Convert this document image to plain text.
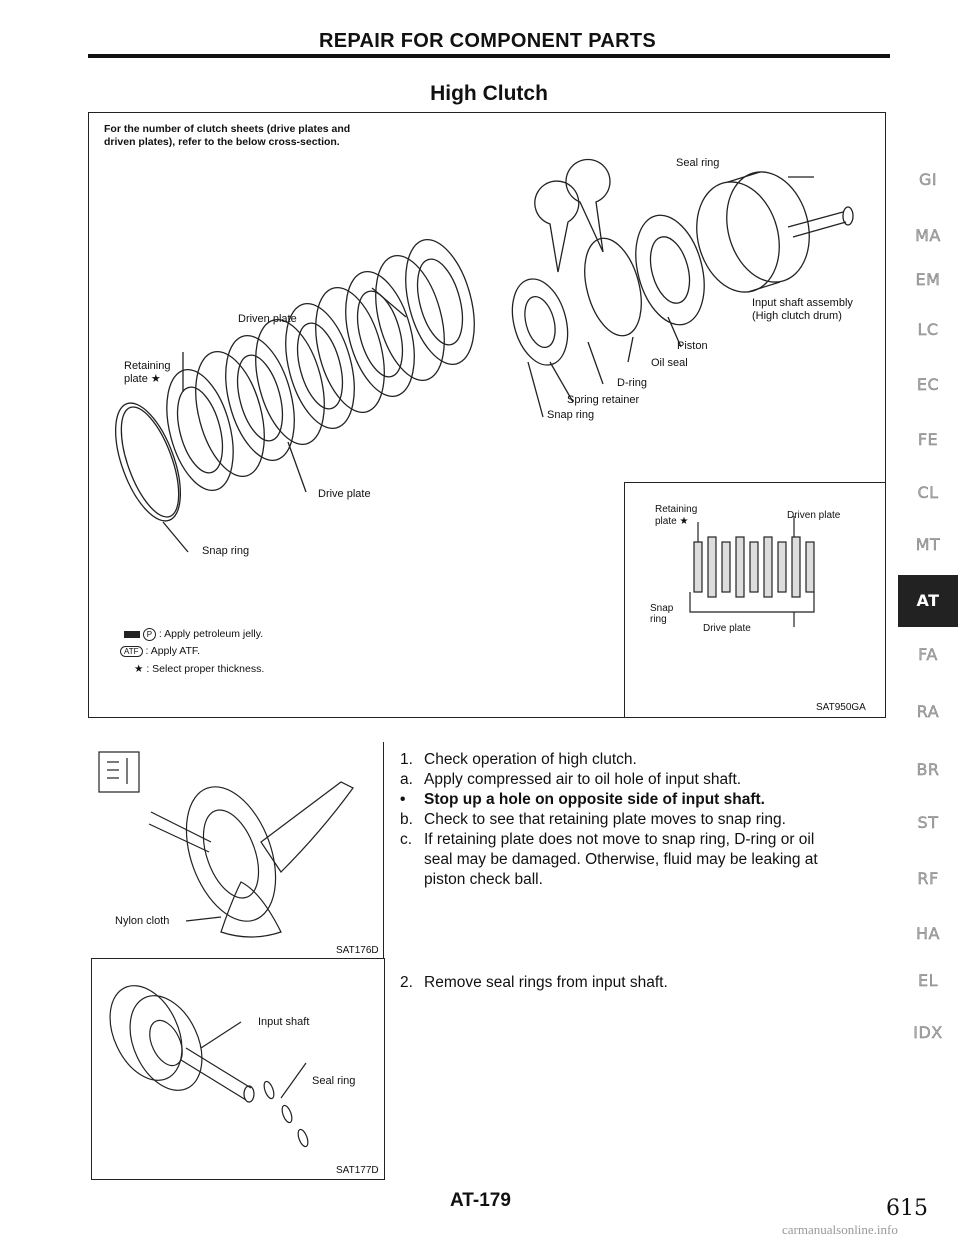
REPAIR FOR COMPONENT PARTS
High Clutch
For the number of clutch sheets (drive plates and
driven plates), refer to the below cross-section.
Seal ring
Input shaft assembly
(High clutch drum)
Piston
Oil seal
D-ring
Spring retainer
Snap ring
Driven plate
Retaining
plate ★
Drive plate
Snap ring
P : Apply petroleum jelly.
ATF : Apply ATF.
★ : Select proper thickness.
Retaining
plate ★
Driven plate
Snap
ring
Drive plate
SAT950GA
GI
MA
EM
LC
EC
FE
CL
MT
AT
FA
RA
BR
ST
RF
HA
EL
IDX
Nylon cloth
SAT176D
Input shaft
Seal ring
SAT177D
1. Check operation of high clutch.
a. Apply compressed air to oil hole of input shaft.
• Stop up a hole on opposite side of input shaft.
b. Check to see that retaining plate moves to snap ring.
c. If retaining plate does not move to snap ring, D-ring or oil
seal may be damaged. Otherwise, fluid may be leaking at
piston check ball.
2. Remove seal rings from input shaft.
AT-179	615
carmanualsonline.info
